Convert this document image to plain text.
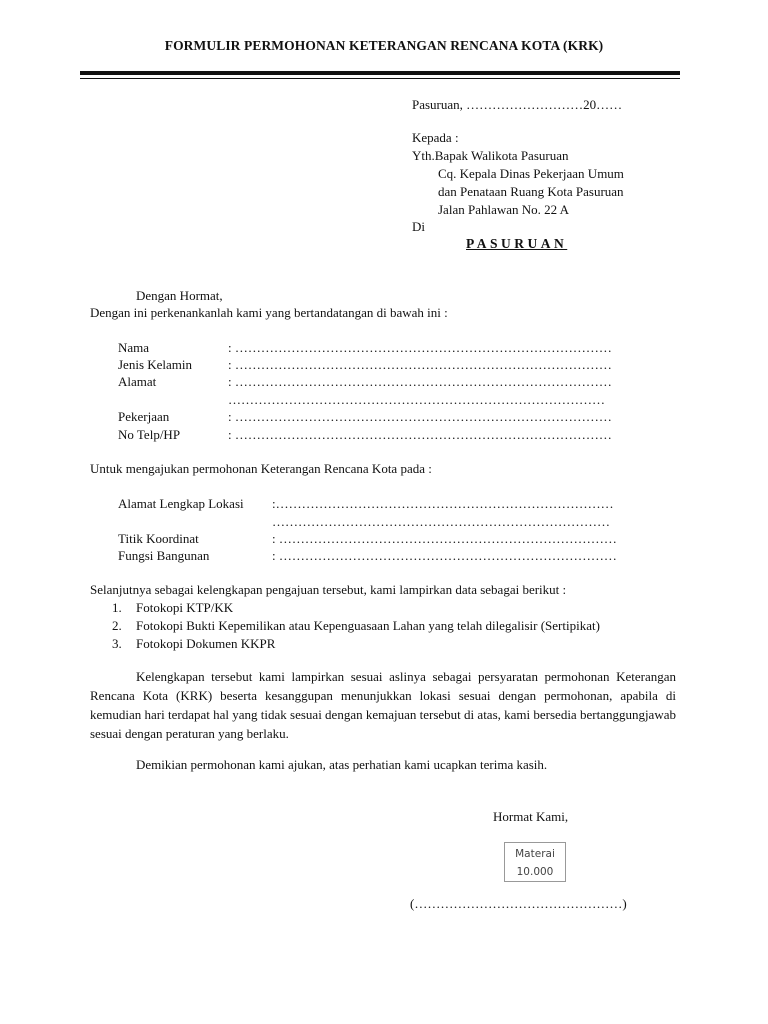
FORMULIR PERMOHONAN KETERANGAN RENCANA KOTA (KRK)
Pasuruan, ………………………20……
Kepada :
Yth.Bapak Walikota Pasuruan
Cq. Kepala Dinas Pekerjaan Umum
dan Penataan Ruang Kota Pasuruan
Jalan Pahlawan No. 22 A
Di
PASURUAN
Dengan Hormat,
Dengan ini perkenankanlah kami yang bertandatangan di bawah ini :
Nama	: ……………………………………………………………………………
Jenis Kelamin	: ……………………………………………………………………………
Alamat	: ……………………………………………………………………………
……………………………………………………………………………
Pekerjaan	: ……………………………………………………………………………
No Telp/HP	: ……………………………………………………………………………
Untuk mengajukan permohonan Keterangan Rencana Kota pada :
Alamat Lengkap Lokasi :……………………………………………………………………
……………………………………………………………………
Titik Koordinat	: ……………………………………………………………………
Fungsi Bangunan	: ……………………………………………………………………
Selanjutnya sebagai kelengkapan pengajuan tersebut, kami lampirkan data sebagai berikut :
1. Fotokopi KTP/KK
2. Fotokopi Bukti Kepemilikan atau Kepenguasaan Lahan yang telah dilegalisir (Sertipikat)
3. Fotokopi Dokumen KKPR
Kelengkapan tersebut kami lampirkan sesuai aslinya sebagai persyaratan permohonan Keterangan Rencana Kota (KRK) beserta kesanggupan menunjukkan lokasi sesuai dengan permohonan, apabila di kemudian hari terdapat hal yang tidak sesuai dengan kemajuan tersebut di atas, kami bersedia bertanggungjawab sesuai dengan peraturan yang berlaku.
Demikian permohonan kami ajukan, atas perhatian kami ucapkan terima kasih.
Hormat Kami,
Materai
10.000
(…………………………………………)
